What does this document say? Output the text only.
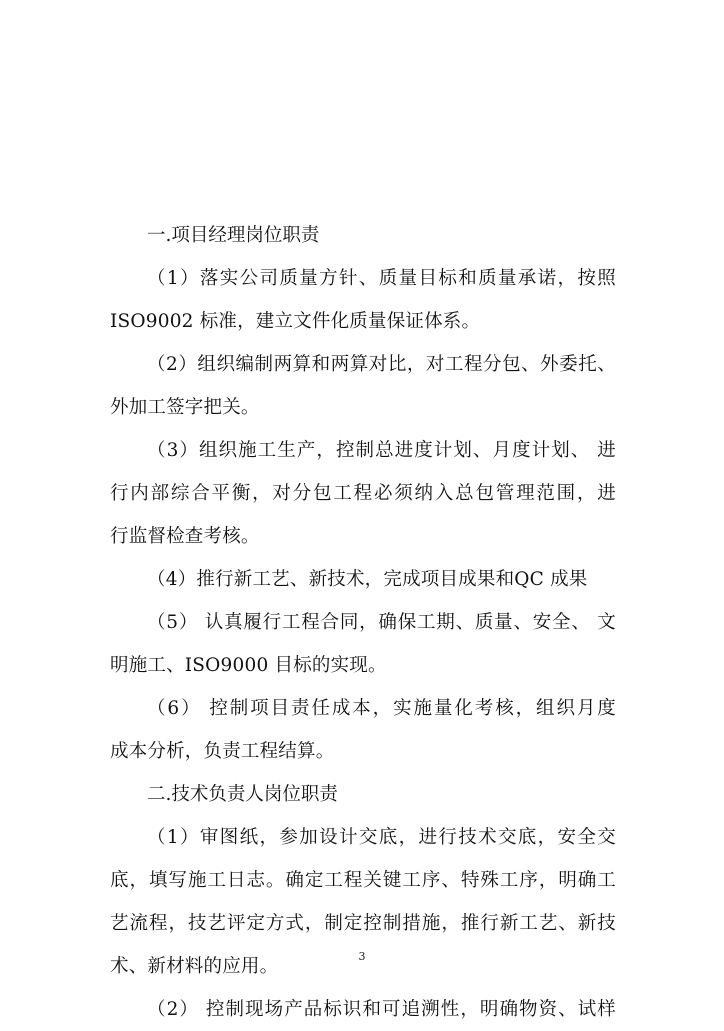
一.项目经理岗位职责
（1）落实公司质量方针、质量目标和质量承诺，按照
ISO9002 标准，建立文件化质量保证体系。
（2）组织编制两算和两算对比，对工程分包、外委托、
外加工签字把关。
（3）组织施工生产，控制总进度计划、月度计划、 进
行内部综合平衡，对分包工程必须纳入总包管理范围，进
行监督检查考核。
（4）推行新工艺、新技术，完成项目成果和QC 成果
（5） 认真履行工程合同，确保工期、质量、安全、 文
明施工、ISO9000 目标的实现。
（6） 控制项目责任成本，实施量化考核，组织月度
成本分析，负责工程结算。
二.技术负责人岗位职责
（1）审图纸，参加设计交底，进行技术交底，安全交
底，填写施工日志。确定工程关键工序、特殊工序，明确工
艺流程，技艺评定方式，制定控制措施，推行新工艺、新技
术、新材料的应用。
（2） 控制现场产品标识和可追溯性，明确物资、试样
3
